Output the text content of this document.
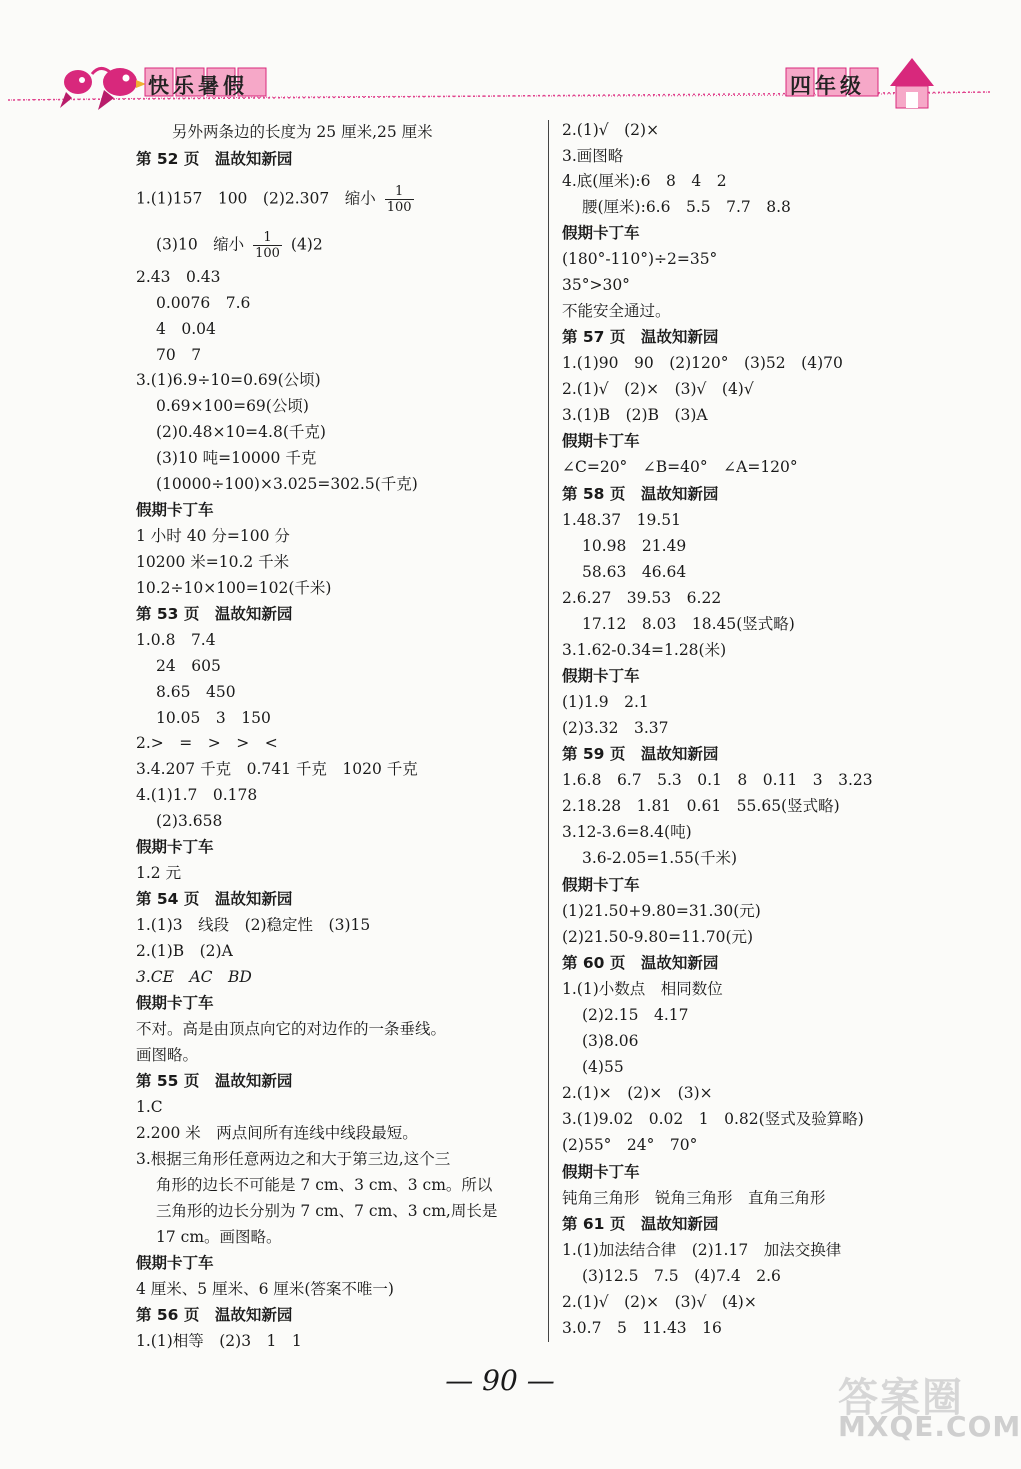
快乐暑假	四年级
另外两条边的长度为 25 厘米,25 厘米
第 52 页　温故知新园
1.(1)157　100　(2)2.307　缩小 $\frac{1}{100}$
(3)10　缩小 $\frac{1}{100} (4)2$
2.43　0.43
0.0076　7.6
4　0.04
70　7
3.(1)6.9÷10=0.69(公顷)
0.69×100=69(公顷)
(2)0.48×10=4.8(千克)
(3)10 吨=10000 千克
(10000÷100)×3.025=302.5(千克)
假期卡丁车
1 小时 40 分=100 分
10200 米=10.2 千米
10.2÷10×100=102(千米)
第 53 页　温故知新园
1.0.8　7.4
24　605
8.65　450
10.05　3　150
2.>　=　>　>　<
3.4.207 千克　0.741 千克　1020 千克
4.(1)1.7　0.178
(2)3.658
假期卡丁车
1.2 元
第 54 页　温故知新园
1.(1)3　线段　(2)稳定性　(3)15
2.(1)B　(2)A
3.CE　AC　BD
假期卡丁车
不对。高是由顶点向它的对边作的一条垂线。
画图略。
第 55 页　温故知新园
1.C
2.200 米　两点间所有连线中线段最短。
3.根据三角形任意两边之和大于第三边,这个三
角形的边长不可能是 7 cm、3 cm、3 cm。所以
三角形的边长分别为 7 cm、7 cm、3 cm,周长是
17 cm。画图略。
假期卡丁车
4 厘米、5 厘米、6 厘米(答案不唯一)
第 56 页　温故知新园
1.(1)相等　(2)3　1　1
2.(1)√　(2)×
3.画图略
4.底(厘米):6　8　4　2
腰(厘米):6.6　5.5　7.7　8.8
假期卡丁车
(180°-110°)÷2=35°
35°>30°
不能安全通过。
第 57 页　温故知新园
1.(1)90　90　(2)120°　(3)52　(4)70
2.(1)√　(2)×　(3)√　(4)√
3.(1)B　(2)B　(3)A
假期卡丁车
∠C=20°　∠B=40°　∠A=120°
第 58 页　温故知新园
1.48.37　19.51
10.98　21.49
58.63　46.64
2.6.27　39.53　6.22
17.12　8.03　18.45(竖式略)
3.1.62-0.34=1.28(米)
假期卡丁车
(1)1.9　2.1
(2)3.32　3.37
第 59 页　温故知新园
1.6.8　6.7　5.3　0.1　8　0.11　3　3.23
2.18.28　1.81　0.61　55.65(竖式略)
3.12-3.6=8.4(吨)
3.6-2.05=1.55(千米)
假期卡丁车
(1)21.50+9.80=31.30(元)
(2)21.50-9.80=11.70(元)
第 60 页　温故知新园
1.(1)小数点　相同数位
(2)2.15　4.17
(3)8.06
(4)55
2.(1)×　(2)×　(3)×
3.(1)9.02　0.02　1　0.82(竖式及验算略)
(2)55°　24°　70°
假期卡丁车
钝角三角形　锐角三角形　直角三角形
第 61 页　温故知新园
1.(1)加法结合律　(2)1.17　加法交换律
(3)12.5　7.5　(4)7.4　2.6
2.(1)√　(2)×　(3)√　(4)×
3.0.7　5　11.43　16
— 90 —	答案圈
MXQE.COM
